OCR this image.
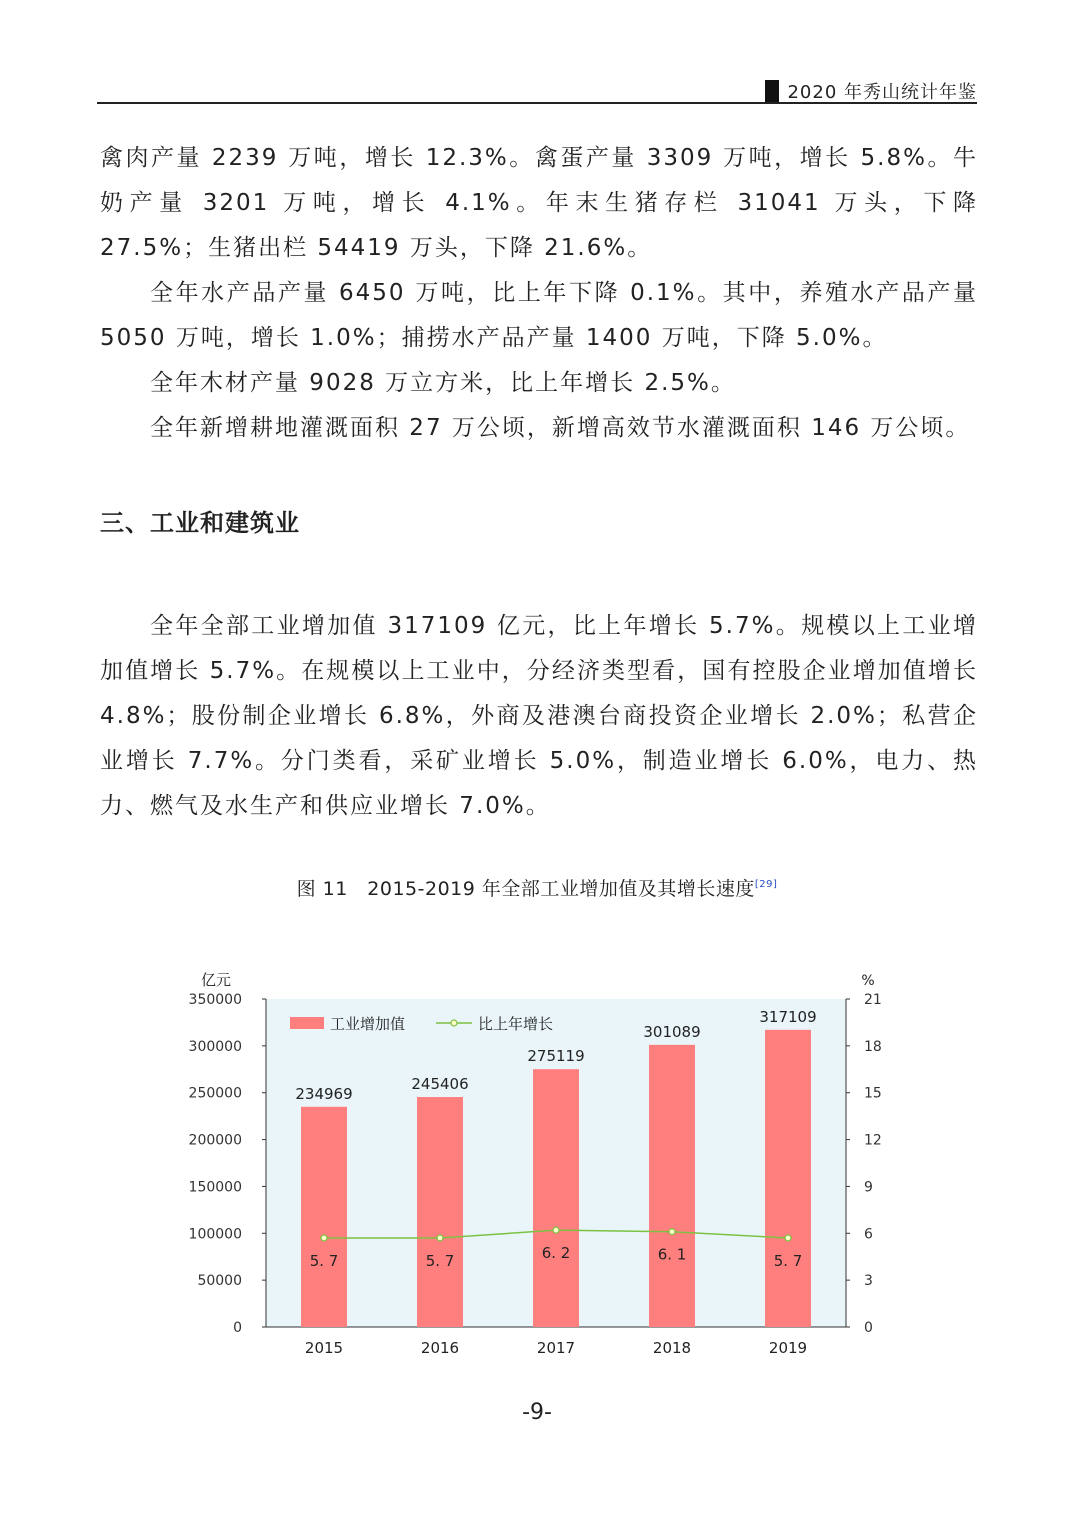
2020 年秀山统计年鉴

禽肉产量 2239 万吨，增长 12.3%。禽蛋产量 3309 万吨，增长 5.8%。牛奶产量 3201 万吨，增长 4.1%。年末生猪存栏 31041 万头，下降 27.5%；生猪出栏 54419 万头，下降 21.6%。

全年水产品产量 6450 万吨，比上年下降 0.1%。其中，养殖水产品产量 5050 万吨，增长 1.0%；捕捞水产品产量 1400 万吨，下降 5.0%。

全年木材产量 9028 万立方米，比上年增长 2.5%。

全年新增耕地灌溉面积 27 万公顷，新增高效节水灌溉面积 146 万公顷。

三、工业和建筑业

全年全部工业增加值 317109 亿元，比上年增长 5.7%。规模以上工业增加值增长 5.7%。在规模以上工业中，分经济类型看，国有控股企业增加值增长 4.8%；股份制企业增长 6.8%，外商及港澳台商投资企业增长 2.0%；私营企业增长 7.7%。分门类看，采矿业增长 5.0%，制造业增长 6.0%，电力、热力、燃气及水生产和供应业增长 7.0%。

图 11　2015-2019 年全部工业增加值及其增长速度[29]
0
50000
100000
150000
200000
250000
300000
350000
0
3
6
9
12
15
18
21
亿元	%
234969
2015
245406
2016
275119
2017
301089
2018
317109
2019
5. 7	5. 7	6. 2	6. 1	5. 7
工业增加值	比上年增长
-9-
